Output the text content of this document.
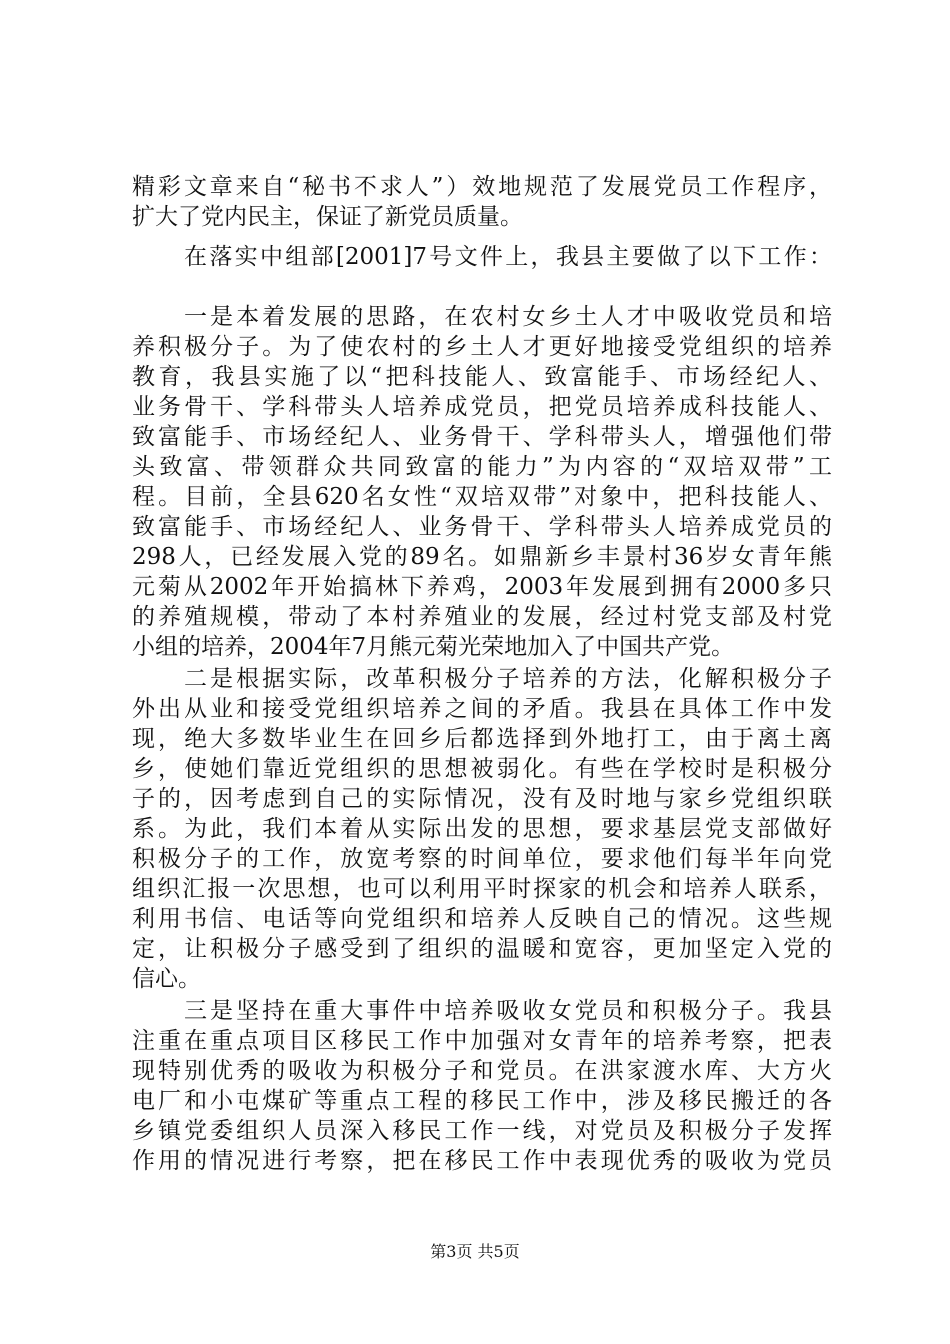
精彩文章来自“秘书不求人”）效地规范了发展党员工作程序，
扩大了党内民主，保证了新党员质量。
在落实中组部[2001]7号文件上，我县主要做了以下工作：
一是本着发展的思路，在农村女乡土人才中吸收党员和培
养积极分子。为了使农村的乡土人才更好地接受党组织的培养
教育，我县实施了以“把科技能人、致富能手、市场经纪人、
业务骨干、学科带头人培养成党员，把党员培养成科技能人、
致富能手、市场经纪人、业务骨干、学科带头人，增强他们带
头致富、带领群众共同致富的能力”为内容的“双培双带”工
程。目前，全县620名女性“双培双带”对象中，把科技能人、
致富能手、市场经纪人、业务骨干、学科带头人培养成党员的
298人，已经发展入党的89名。如鼎新乡丰景村36岁女青年熊
元菊从2002年开始搞林下养鸡，2003年发展到拥有2000多只
的养殖规模，带动了本村养殖业的发展，经过村党支部及村党
小组的培养，2004年7月熊元菊光荣地加入了中国共产党。
二是根据实际，改革积极分子培养的方法，化解积极分子
外出从业和接受党组织培养之间的矛盾。我县在具体工作中发
现，绝大多数毕业生在回乡后都选择到外地打工，由于离土离
乡，使她们靠近党组织的思想被弱化。有些在学校时是积极分
子的，因考虑到自己的实际情况，没有及时地与家乡党组织联
系。为此，我们本着从实际出发的思想，要求基层党支部做好
积极分子的工作，放宽考察的时间单位，要求他们每半年向党
组织汇报一次思想，也可以利用平时探家的机会和培养人联系，
利用书信、电话等向党组织和培养人反映自己的情况。这些规
定，让积极分子感受到了组织的温暖和宽容，更加坚定入党的
信心。
三是坚持在重大事件中培养吸收女党员和积极分子。我县
注重在重点项目区移民工作中加强对女青年的培养考察，把表
现特别优秀的吸收为积极分子和党员。在洪家渡水库、大方火
电厂和小屯煤矿等重点工程的移民工作中，涉及移民搬迁的各
乡镇党委组织人员深入移民工作一线，对党员及积极分子发挥
作用的情况进行考察，把在移民工作中表现优秀的吸收为党员
第3页 共5页
